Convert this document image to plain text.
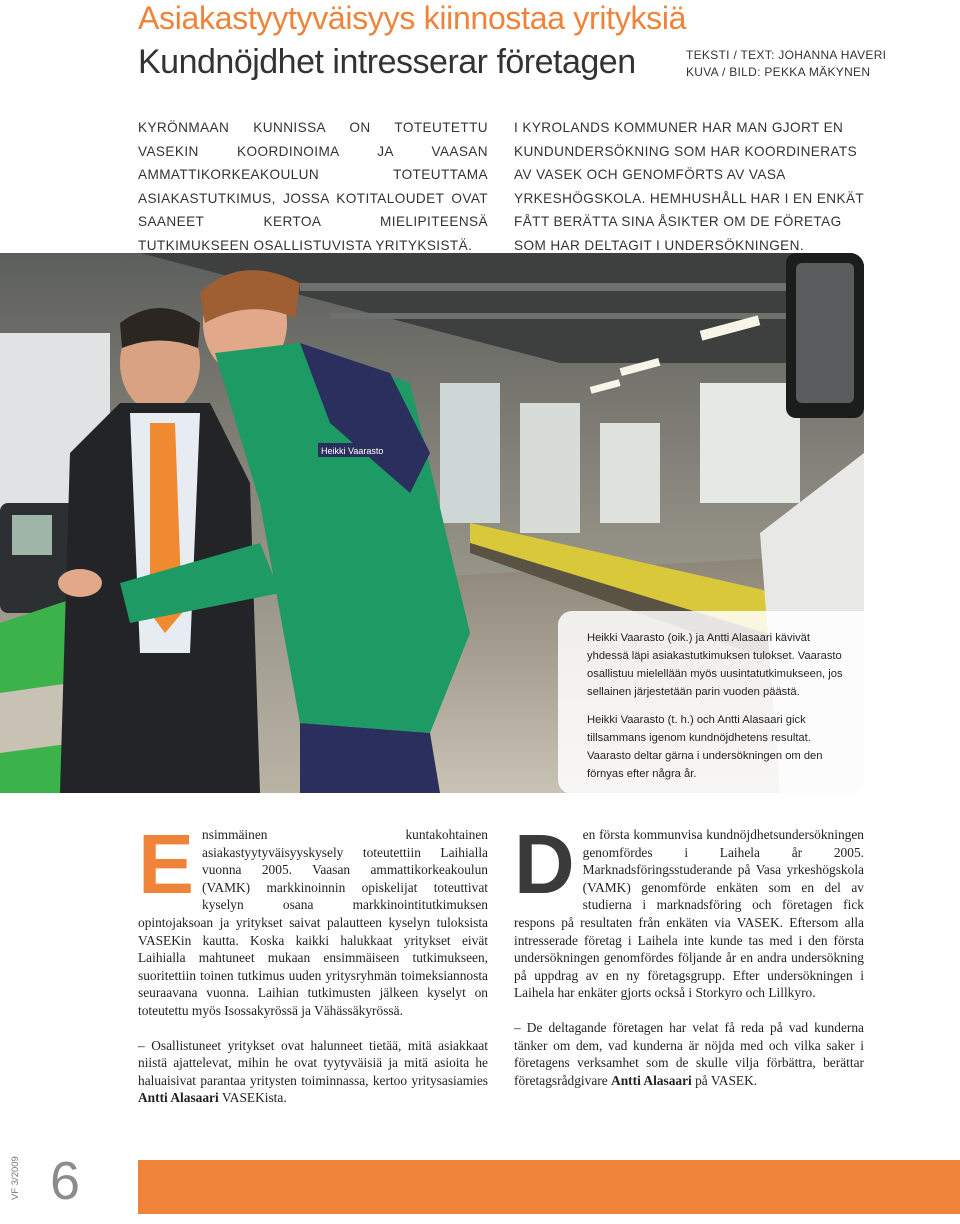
Asiakastyytyväisyys kiinnostaa yrityksiä
Kundnöjdhet intresserar företagen	TEKSTI / TEXT: JOHANNA HAVERI
KUVA / BILD: PEKKA MÄKYNEN
KYRÖNMAAN KUNNISSA ON TOTEUTETTU VASEKIN KOORDINOIMA JA VAASAN AMMATTIKORKEAKOULUN TOTEUTTAMA ASIAKASTUTKIMUS, JOSSA KOTITALOUDET OVAT SAANEET KERTOA MIELIPITEENSÄ TUTKIMUKSEEN OSALLISTUVISTA YRITYKSISTÄ.
I KYROLANDS KOMMUNER HAR MAN GJORT EN KUNDUNDERSÖKNING SOM HAR KOORDINERATS AV VASEK OCH GENOMFÖRTS AV VASA YRKESHÖGSKOLA. HEMHUSHÅLL HAR I EN ENKÄT FÅTT BERÄTTA SINA ÅSIKTER OM DE FÖRETAG SOM HAR DELTAGIT I UNDERSÖKNINGEN.
Heikki Vaarasto

Heikki Vaarasto (oik.) ja Antti Alasaari kävivät yhdessä läpi asiakastutkimuksen tulokset. Vaarasto osallistuu mielellään myös uusintatutkimukseen, jos sellainen järjestetään parin vuoden päästä.

Heikki Vaarasto (t. h.) och Antti Alasaari gick tillsammans igenom kundnöjdhetens resultat. Vaarasto deltar gärna i undersökningen om den förnyas efter några år.

Ensimmäinen kuntakohtainen asiakastyytyväisyyskysely toteutettiin Laihialla vuonna 2005. Vaasan ammattikorkeakoulun (VAMK) markkinoinnin opiskelijat toteuttivat kyselyn osana markkinointitutkimuksen opintojaksoan ja yritykset saivat palautteen kyselyn tuloksista VASEKin kautta. Koska kaikki halukkaat yritykset eivät Laihialla mahtuneet mukaan ensimmäiseen tutkimukseen, suoritettiin toinen tutkimus uuden yritysryhmän toimeksiannosta seuraavana vuonna. Laihian tutkimusten jälkeen kyselyt on toteutettu myös Isossakyrössä ja Vähässäkyrössä.

– Osallistuneet yritykset ovat halunneet tietää, mitä asiakkaat niistä ajattelevat, mihin he ovat tyytyväisiä ja mitä asioita he haluaisivat parantaa yritysten toiminnassa, kertoo yritysasiamies Antti Alasaari VASEKista.

Den första kommunvisa kundnöjdhetsundersökningen genomfördes i Laihela år 2005. Marknadsföringsstuderande på Vasa yrkeshögskola (VAMK) genomförde enkäten som en del av studierna i marknadsföring och företagen fick respons på resultaten från enkäten via VASEK. Eftersom alla intresserade företag i Laihela inte kunde tas med i den första undersökningen genomfördes följande år en andra undersökning på uppdrag av en ny företagsgrupp. Efter undersökningen i Laihela har enkäter gjorts också i Storkyro och Lillkyro.

– De deltagande företagen har velat få reda på vad kunderna tänker om dem, vad kunderna är nöjda med och vilka saker i företagens verksamhet som de skulle vilja förbättra, berättar företagsrådgivare Antti Alasaari på VASEK.

VF 3/2009 6
